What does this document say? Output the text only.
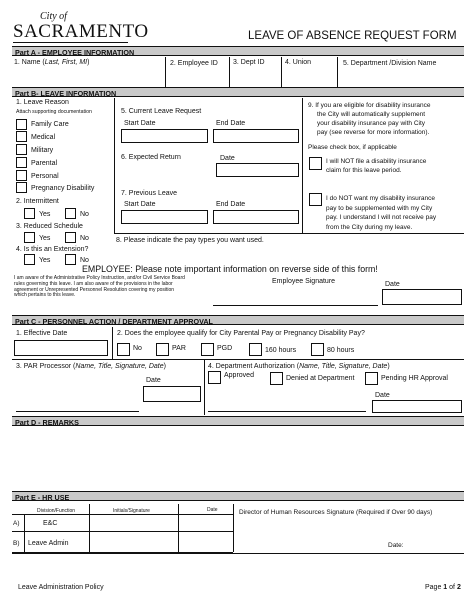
City of
SACRAMENTO	LEAVE OF ABSENCE REQUEST FORM
Part A - EMPLOYEE INFORMATION
1. Name (Last, First, MI)	2. Employee ID 3. Dept ID	4. Union	5. Department /Division Name
Part B- LEAVE INFORMATION
1. Leave Reason
Attach supporting documentation
Family Care
Medical
Military
Parental
Personal
Pregnancy Disability
2. Intermittent
Yes	No
3. Reduced Schedule
Yes	No
4. Is this an Extension?
Yes	No
5. Current Leave Request
Start Date	End Date
6. Expected Return	Date
7. Previous Leave
Start Date	End Date
9. If you are eligible for disability insurance
the City will automatically supplement
your disability insurance pay with City
pay (see reverse for more information).
Please check box, if applicable
I will NOT file a disability insurance
claim for this leave period.
I do NOT want my disability insurance
pay to be supplemented with my City
pay. I understand I will not receive pay
from the City during my leave.
8. Please indicate the pay types you want used.
EMPLOYEE: Please note important information on reverse side of this form!
I am aware of the Administrative Policy Instruction, and/or Civil Service Board
rules governing this leave. I am also aware of the provisions in the labor
agreement or Unrepresented Personnel Resolution covering my position
which pertains to this leave.
Employee Signature	Date
Part C - PERSONNEL ACTION / DEPARTMENT APPROVAL
1. Effective Date	2. Does the employee qualify for City Parental Pay or Pregnancy Disability Pay?
No	PAR	PGD	160 hours	80 hours
3. PAR Processor (Name, Title, Signature, Date)
Date
4. Department Authorization (Name, Title, Signature, Date)
Approved	Denied at Department	Pending HR Approval
Date
Part D - REMARKS
Part E - HR USE
Division/Function	Initials/Signature	Date
A)	E&C
B) Leave Admin
Director of Human Resources Signature (Required if Over 90 days)
Date:
Leave Administration Policy	Page 1 of 2
